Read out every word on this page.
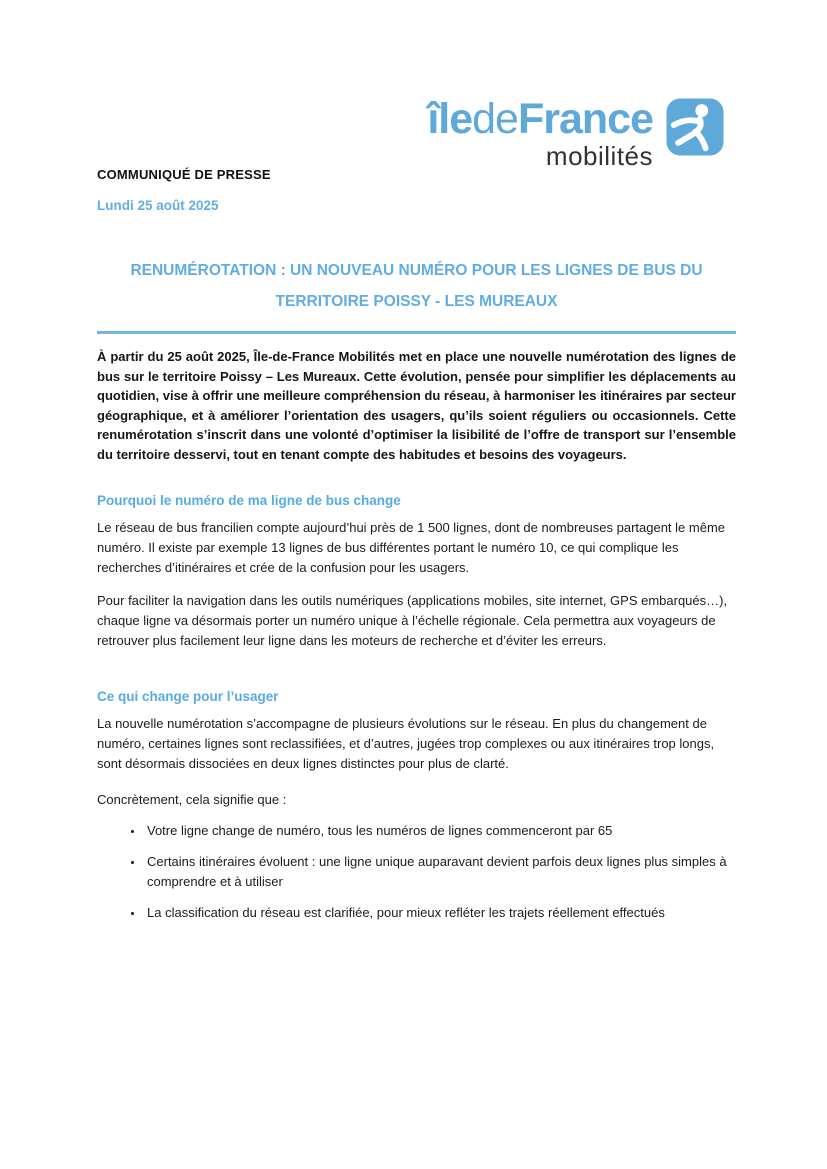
îledeFrance
mobilités
COMMUNIQUÉ DE PRESSE
Lundi 25 août 2025
RENUMÉROTATION : UN NOUVEAU NUMÉRO POUR LES LIGNES DE BUS DU
TERRITOIRE POISSY - LES MUREAUX

À partir du 25 août 2025, Île-de-France Mobilités met en place une nouvelle numérotation des lignes de bus sur le territoire Poissy – Les Mureaux. Cette évolution, pensée pour simplifier les déplacements au quotidien, vise à offrir une meilleure compréhension du réseau, à harmoniser les itinéraires par secteur géographique, et à améliorer l’orientation des usagers, qu’ils soient réguliers ou occasionnels. Cette renumérotation s’inscrit dans une volonté d’optimiser la lisibilité de l’offre de transport sur l’ensemble du territoire desservi, tout en tenant compte des habitudes et besoins des voyageurs.

Pourquoi le numéro de ma ligne de bus change

Le réseau de bus francilien compte aujourd’hui près de 1 500 lignes, dont de nombreuses partagent le même numéro. Il existe par exemple 13 lignes de bus différentes portant le numéro 10, ce qui complique les recherches d’itinéraires et crée de la confusion pour les usagers.

Pour faciliter la navigation dans les outils numériques (applications mobiles, site internet, GPS embarqués…), chaque ligne va désormais porter un numéro unique à l’échelle régionale. Cela permettra aux voyageurs de retrouver plus facilement leur ligne dans les moteurs de recherche et d’éviter les erreurs.

Ce qui change pour l’usager

La nouvelle numérotation s’accompagne de plusieurs évolutions sur le réseau. En plus du changement de numéro, certaines lignes sont reclassifiées, et d’autres, jugées trop complexes ou aux itinéraires trop longs, sont désormais dissociées en deux lignes distinctes pour plus de clarté.

Concrètement, cela signifie que :

• Votre ligne change de numéro, tous les numéros de lignes commenceront par 65
• Certains itinéraires évoluent : une ligne unique auparavant devient parfois deux lignes plus simples à comprendre et à utiliser
• La classification du réseau est clarifiée, pour mieux refléter les trajets réellement effectués
